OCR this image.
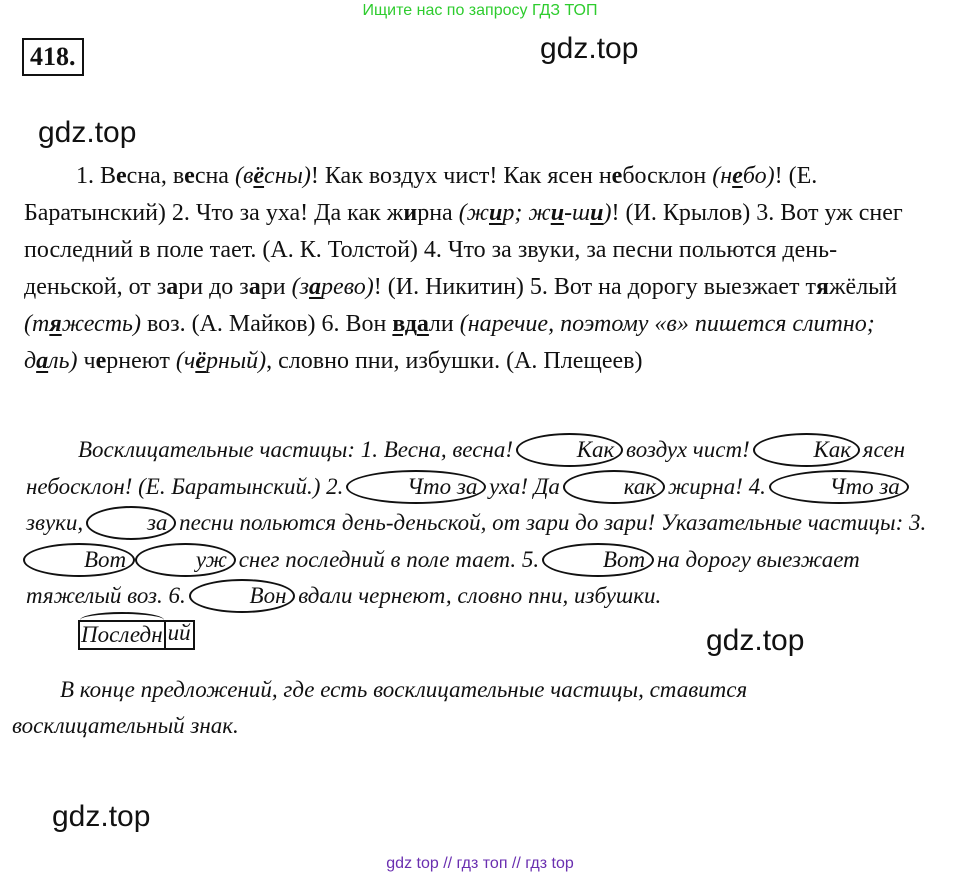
Ищите нас по запросу ГДЗ ТОП
418.	gdz.top
gdz.top
gdz.top
gdz.top

1. Весна, весна (вёсны)! Как воздух чист! Как ясен небосклон (небо)! (Е. Баратынский) 2. Что за уха! Да как жирна (жир; жи-ши)! (И. Крылов) 3. Вот уж снег последний в поле тает. (А. К. Толстой) 4. Что за звуки, за песни польются день-деньской, от зари до зари (зарево)! (И. Никитин) 5. Вот на дорогу выезжает тяжёлый (тяжесть) воз. (А. Майков) 6. Вон вдали (наречие, поэтому «в» пишется слитно; даль) чернеют (чёрный), словно пни, избушки. (А. Плещеев)

Восклицательные частицы: 1. Весна, весна!	Как воздух чист!	Как ясен небосклон! (Е. Баратынский.) 2.	Что за уха! Да	как жирна! 4.	Что за звуки,	за песни польются день-деньской, от зари до зари! Указательные частицы: 3. Вот	уж снег последний в поле тает. 5.	Вот на дорогу выезжает тяжелый воз. 6.	Вон вдали чернеют, словно пни, избушки.

Последн ий

В конце предложений, где есть восклицательные частицы, ставится восклицательный знак.

gdz top // гдз топ // гдз top
